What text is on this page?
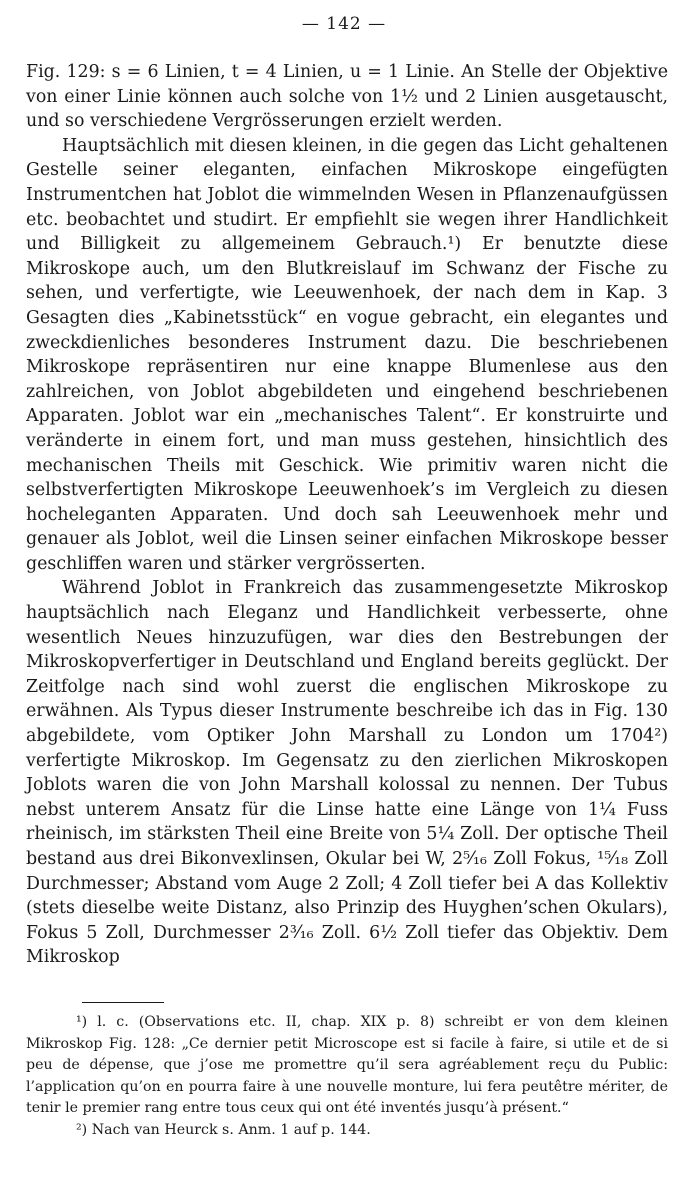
— 142 —

Fig. 129: s = 6 Linien, t = 4 Linien, u = 1 Linie. An Stelle der Objektive von einer Linie können auch solche von 1½ und 2 Linien ausgetauscht, und so verschiedene Vergrösserungen erzielt werden.

Hauptsächlich mit diesen kleinen, in die gegen das Licht gehaltenen Gestelle seiner eleganten, einfachen Mikroskope eingefügten Instrumentchen hat Joblot die wimmelnden Wesen in Pflanzenaufgüssen etc. beobachtet und studirt. Er empfiehlt sie wegen ihrer Handlichkeit und Billigkeit zu allgemeinem Gebrauch.¹) Er benutzte diese Mikroskope auch, um den Blutkreislauf im Schwanz der Fische zu sehen, und verfertigte, wie Leeuwenhoek, der nach dem in Kap. 3 Gesagten dies „Kabinetsstück“ en vogue gebracht, ein elegantes und zweckdienliches besonderes Instrument dazu. Die beschriebenen Mikroskope repräsentiren nur eine knappe Blumenlese aus den zahlreichen, von Joblot abgebildeten und eingehend beschriebenen Apparaten. Joblot war ein „mechanisches Talent“. Er konstruirte und veränderte in einem fort, und man muss gestehen, hinsichtlich des mechanischen Theils mit Geschick. Wie primitiv waren nicht die selbstverfertigten Mikroskope Leeuwenhoek’s im Vergleich zu diesen hocheleganten Apparaten. Und doch sah Leeuwenhoek mehr und genauer als Joblot, weil die Linsen seiner einfachen Mikroskope besser geschliffen waren und stärker vergrösserten.

Während Joblot in Frankreich das zusammengesetzte Mikroskop hauptsächlich nach Eleganz und Handlichkeit verbesserte, ohne wesentlich Neues hinzuzufügen, war dies den Bestrebungen der Mikroskopverfertiger in Deutschland und England bereits geglückt. Der Zeitfolge nach sind wohl zuerst die englischen Mikroskope zu erwähnen. Als Typus dieser Instrumente beschreibe ich das in Fig. 130 abgebildete, vom Optiker John Marshall zu London um 1704²) verfertigte Mikroskop. Im Gegensatz zu den zierlichen Mikroskopen Joblots waren die von John Marshall kolossal zu nennen. Der Tubus nebst unterem Ansatz für die Linse hatte eine Länge von 1¼ Fuss rheinisch, im stärksten Theil eine Breite von 5¼ Zoll. Der optische Theil bestand aus drei Bikonvexlinsen, Okular bei W, 2⁵⁄₁₆ Zoll Fokus, ¹⁵⁄₁₈ Zoll Durchmesser; Abstand vom Auge 2 Zoll; 4 Zoll tiefer bei A das Kollektiv (stets dieselbe weite Distanz, also Prinzip des Huyghen’schen Okulars), Fokus 5 Zoll, Durchmesser 2³⁄₁₆ Zoll. 6½ Zoll tiefer das Objektiv. Dem Mikroskop

¹) l. c. (Observations etc. II, chap. XIX p. 8) schreibt er von dem kleinen Mikroskop Fig. 128: „Ce dernier petit Microscope est si facile à faire, si utile et de si peu de dépense, que j’ose me promettre qu’il sera agréablement reçu du Public: l’application qu’on en pourra faire à une nouvelle monture, lui fera peutêtre mériter, de tenir le premier rang entre tous ceux qui ont été inventés jusqu’à présent.“

²) Nach van Heurck s. Anm. 1 auf p. 144.
